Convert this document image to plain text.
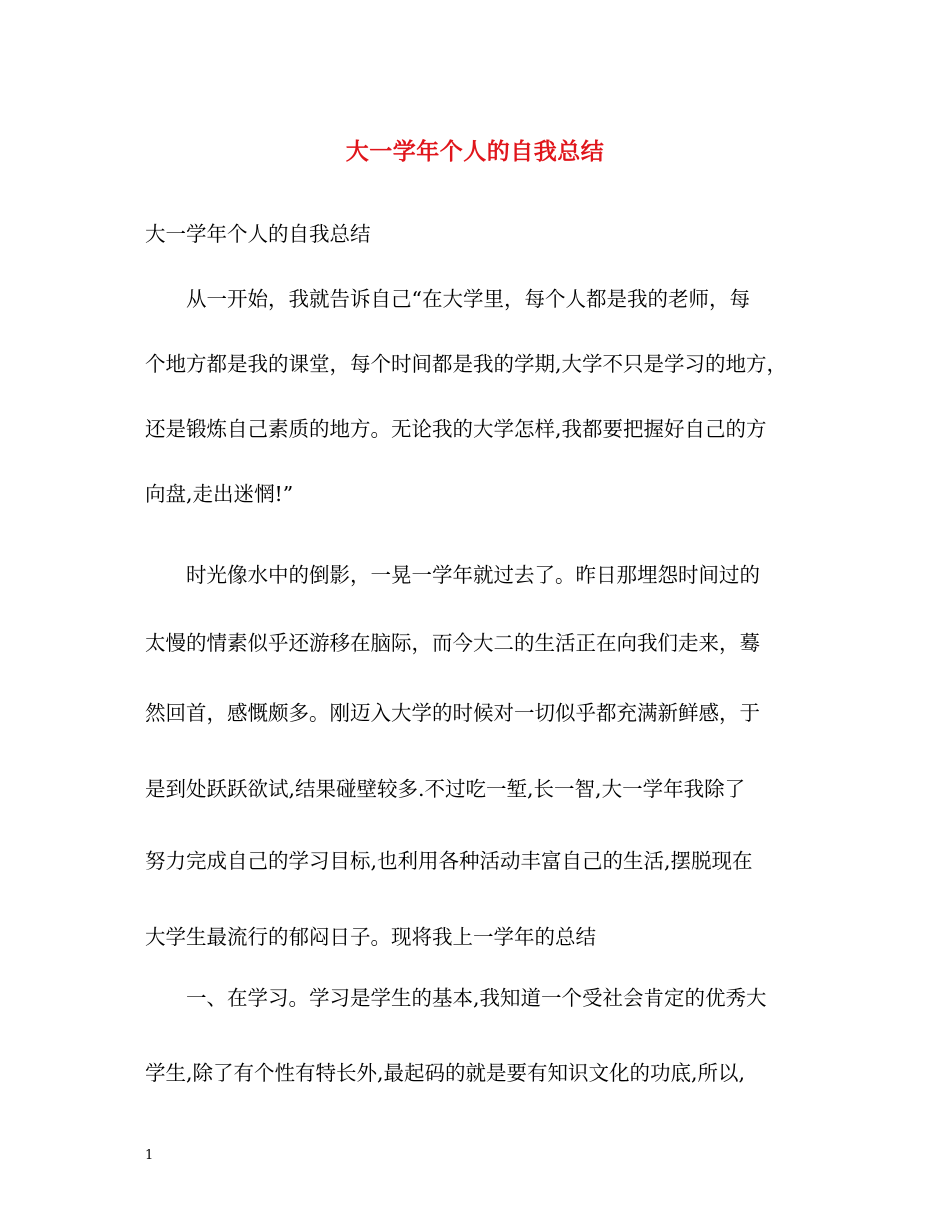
大一学年个人的自我总结

大一学年个人的自我总结

从一开始，我就告诉自己“在大学里，每个人都是我的老师，每

个地方都是我的课堂，每个时间都是我的学期,大学不只是学习的地方，

还是锻炼自己素质的地方。无论我的大学怎样,我都要把握好自己的方

向盘,走出迷惘!”

时光像水中的倒影，一晃一学年就过去了。昨日那埋怨时间过的

太慢的情素似乎还游移在脑际，而今大二的生活正在向我们走来，蓦

然回首，感慨颇多。刚迈入大学的时候对一切似乎都充满新鲜感，于

是到处跃跃欲试,结果碰壁较多.不过吃一堑,长一智,大一学年我除了

努力完成自己的学习目标,也利用各种活动丰富自己的生活,摆脱现在

大学生最流行的郁闷日子。现将我上一学年的总结

一、在学习。学习是学生的基本,我知道一个受社会肯定的优秀大

学生,除了有个性有特长外,最起码的就是要有知识文化的功底,所以,

1
